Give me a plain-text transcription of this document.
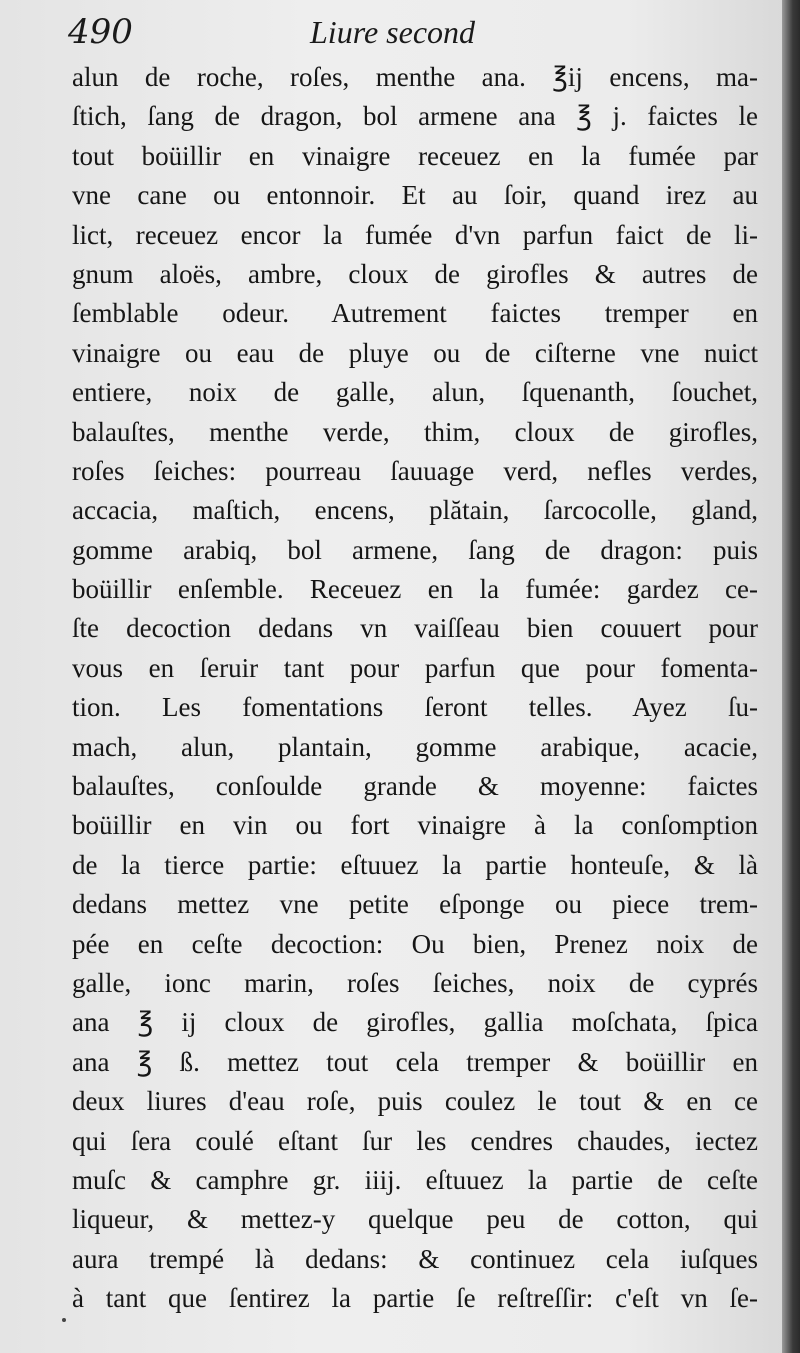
490	Liure second
alun de roche, roſes, menthe ana. ℥ij encens, ma-
ſtich, ſang de dragon, bol armene ana ℥ j. faictes le
tout boüillir en vinaigre receuez en la fumée par
vne cane ou entonnoir. Et au ſoir, quand irez au
lict, receuez encor la fumée d'vn parfun faict de li-
gnum aloës, ambre, cloux de girofles & autres de
ſemblable odeur. Autrement faictes tremper en
vinaigre ou eau de pluye ou de ciſterne vne nuict
entiere, noix de galle, alun, ſquenanth, ſouchet,
balauſtes, menthe verde, thim, cloux de girofles,
roſes ſeiches: pourreau ſauuage verd, nefles verdes,
accacia, maſtich, encens, plătain, ſarcocolle, gland,
gomme arabiq, bol armene, ſang de dragon: puis
boüillir enſemble. Receuez en la fumée: gardez ce-
ſte decoction dedans vn vaiſſeau bien couuert pour
vous en ſeruir tant pour parfun que pour fomenta-
tion. Les fomentations ſeront telles. Ayez ſu-
mach, alun, plantain, gomme arabique, acacie,
balauſtes, conſoulde grande & moyenne: faictes
boüillir en vin ou fort vinaigre à la conſomption
de la tierce partie: eſtuuez la partie honteuſe, & là
dedans mettez vne petite eſponge ou piece trem-
pée en ceſte decoction: Ou bien, Prenez noix de
galle, ionc marin, roſes ſeiches, noix de cyprés
ana ℥ ij cloux de girofles, gallia moſchata, ſpica
ana ℥ ß. mettez tout cela tremper & boüillir en
deux liures d'eau roſe, puis coulez le tout & en ce
qui ſera coulé eſtant ſur les cendres chaudes, iectez
muſc & camphre gr. iiij. eſtuuez la partie de ceſte
liqueur, & mettez-y quelque peu de cotton, qui
aura trempé là dedans: & continuez cela iuſques
à tant que ſentirez la partie ſe reſtreſſir: c'eſt vn ſe-
